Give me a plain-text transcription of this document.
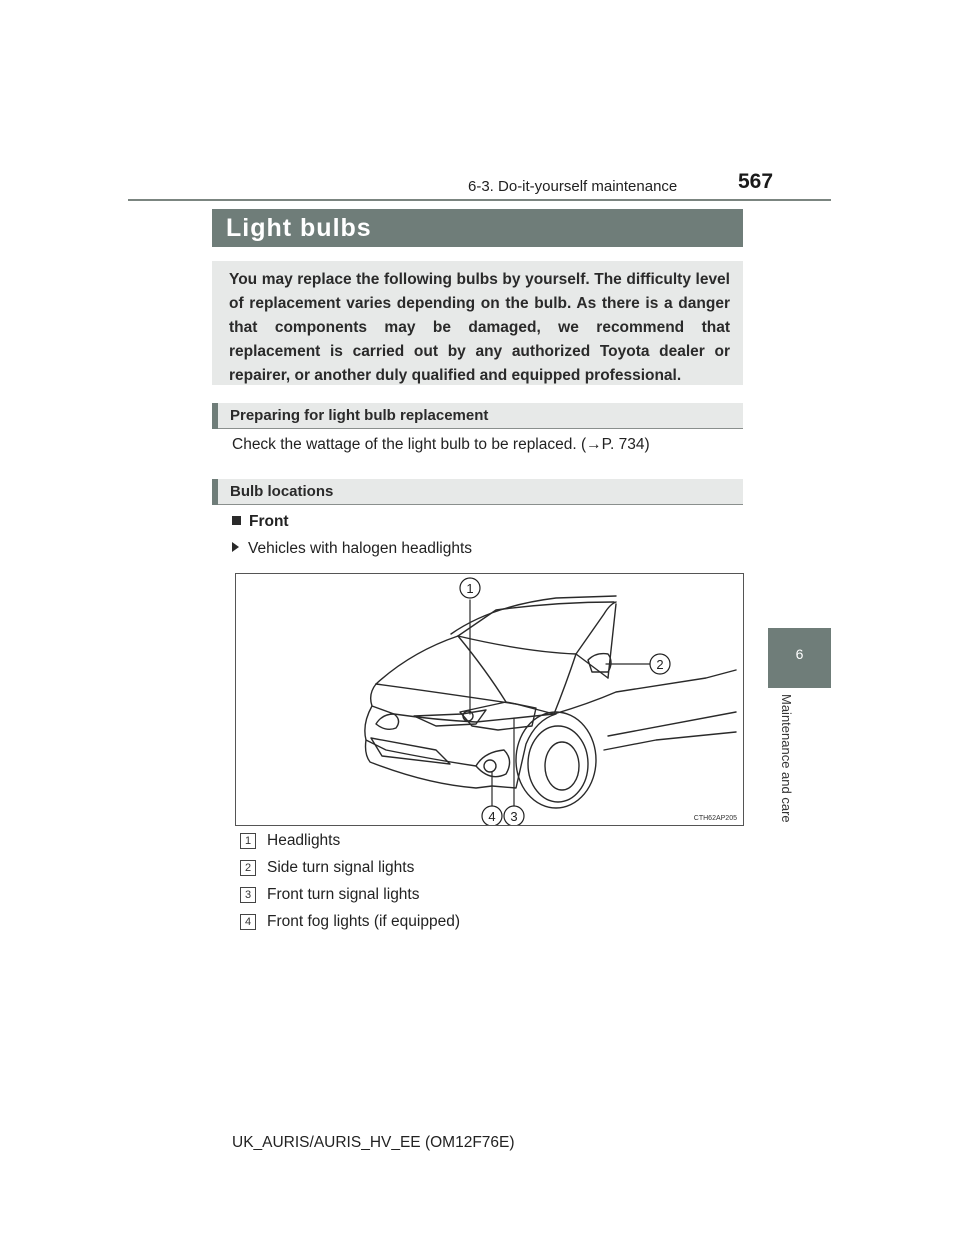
6-3. Do-it-yourself maintenance	567
Light bulbs
You may replace the following bulbs by yourself. The difficulty level of replacement varies depending on the bulb. As there is a danger that components may be damaged, we recommend that replacement is carried out by any authorized Toyota dealer or repairer, or another duly qualified and equipped professional.
Preparing for light bulb replacement
Check the wattage of the light bulb to be replaced. (→P. 734)
Bulb locations
Front
Vehicles with halogen headlights
1
2
3
4	CTH62AP205
1	Headlights
2	Side turn signal lights
3	Front turn signal lights
4	Front fog lights (if equipped)
6
Maintenance and care
UK_AURIS/AURIS_HV_EE (OM12F76E)
